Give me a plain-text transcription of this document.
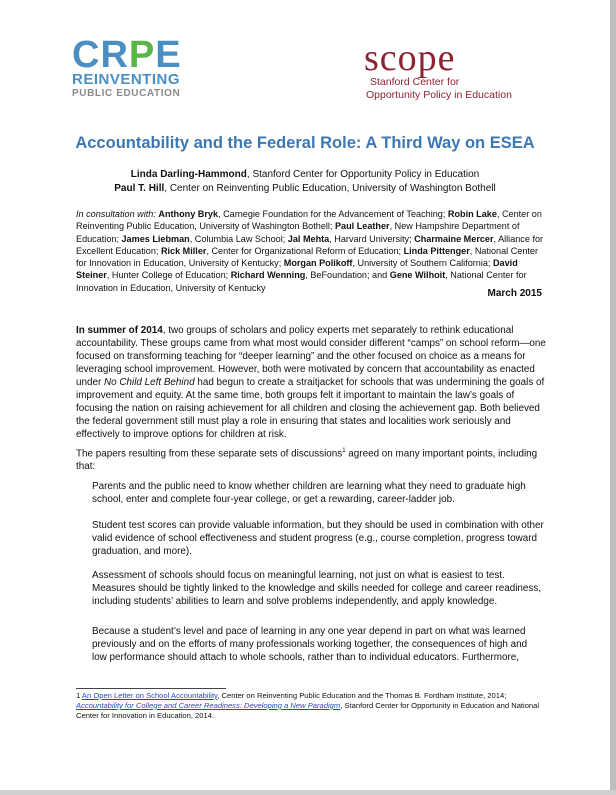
CRPE
REINVENTING
PUBLIC EDUCATION
scope
Stanford Center for
Opportunity Policy in Education
Accountability and the Federal Role: A Third Way on ESEA
Linda Darling-Hammond, Stanford Center for Opportunity Policy in Education
Paul T. Hill, Center on Reinventing Public Education, University of Washington Bothell
In consultation with: Anthony Bryk, Carnegie Foundation for the Advancement of Teaching; Robin Lake, Center on Reinventing Public Education, University of Washington Bothell; Paul Leather, New Hampshire Department of Education; James Liebman, Columbia Law School; Jal Mehta, Harvard University; Charmaine Mercer, Alliance for Excellent Education; Rick Miller, Center for Organizational Reform of Education; Linda Pittenger, National Center for Innovation in Education, University of Kentucky; Morgan Polikoff, University of Southern California; David Steiner, Hunter College of Education; Richard Wenning, BeFoundation; and Gene Wilhoit, National Center for Innovation in Education, University of Kentucky
March 2015
In summer of 2014, two groups of scholars and policy experts met separately to rethink educational accountability. These groups came from what most would consider different “camps” on school reform—one focused on transforming teaching for “deeper learning” and the other focused on choice as a means for leveraging school improvement. However, both were motivated by concern that accountability as enacted under No Child Left Behind had begun to create a straitjacket for schools that was undermining the goals of improvement and equity. At the same time, both groups felt it important to maintain the law’s goals of focusing the nation on raising achievement for all children and closing the achievement gap. Both believed the federal government still must play a role in ensuring that states and localities work seriously and effectively to improve options for children at risk.
The papers resulting from these separate sets of discussions$^1$ agreed on many important points, including that:
Parents and the public need to know whether children are learning what they need to graduate high school, enter and complete four-year college, or get a rewarding, career-ladder job.
Student test scores can provide valuable information, but they should be used in combination with other valid evidence of school effectiveness and student progress (e.g., course completion, progress toward graduation, and more).
Assessment of schools should focus on meaningful learning, not just on what is easiest to test. Measures should be tightly linked to the knowledge and skills needed for college and career readiness, including students’ abilities to learn and solve problems independently, and apply knowledge.
Because a student’s level and pace of learning in any one year depend in part on what was learned previously and on the efforts of many professionals working together, the consequences of high and low performance should attach to whole schools, rather than to individual educators. Furthermore,
1 An Open Letter on School Accountability, Center on Reinventing Public Education and the Thomas B. Fordham Institute, 2014; Accountability for College and Career Readiness: Developing a New Paradigm, Stanford Center for Opportunity in Education and National Center for Innovation in Education, 2014.
